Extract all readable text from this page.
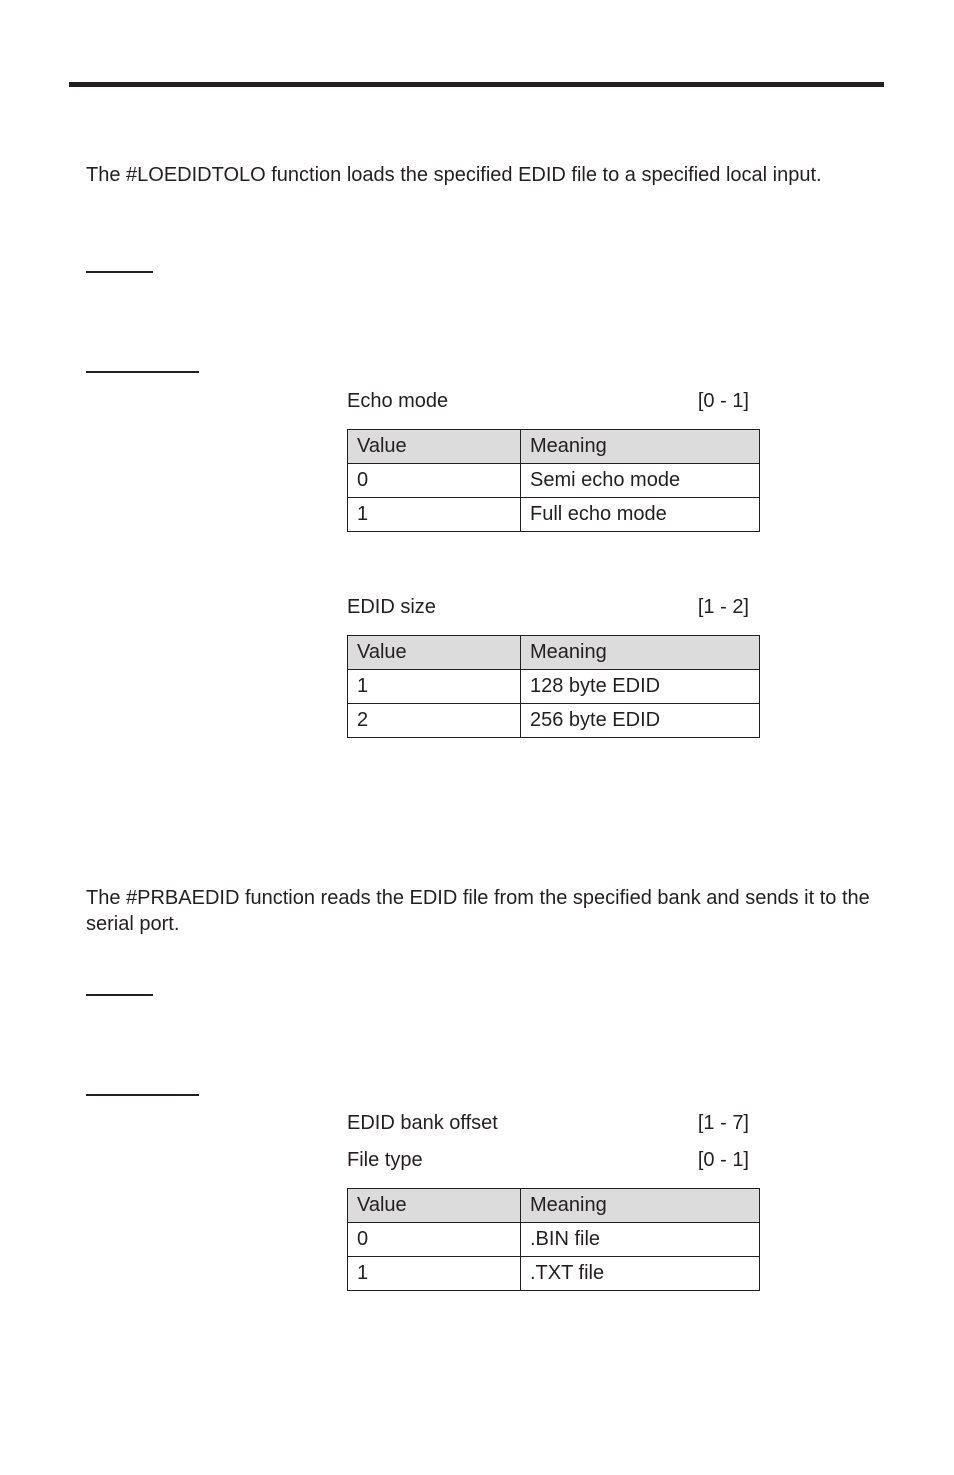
The #LOEDIDTOLO function loads the specified EDID file to a specified local input.
Echo mode	[0 - 1]
Value	Meaning
0	Semi echo mode
1	Full echo mode
EDID size	[1 - 2]
Value	Meaning
1	128 byte EDID
2	256 byte EDID
The #PRBAEDID function reads the EDID file from the specified bank and sends it to the serial port.
EDID bank offset	[1 - 7]
File type	[0 - 1]
Value	Meaning
0	.BIN file
1	.TXT file
